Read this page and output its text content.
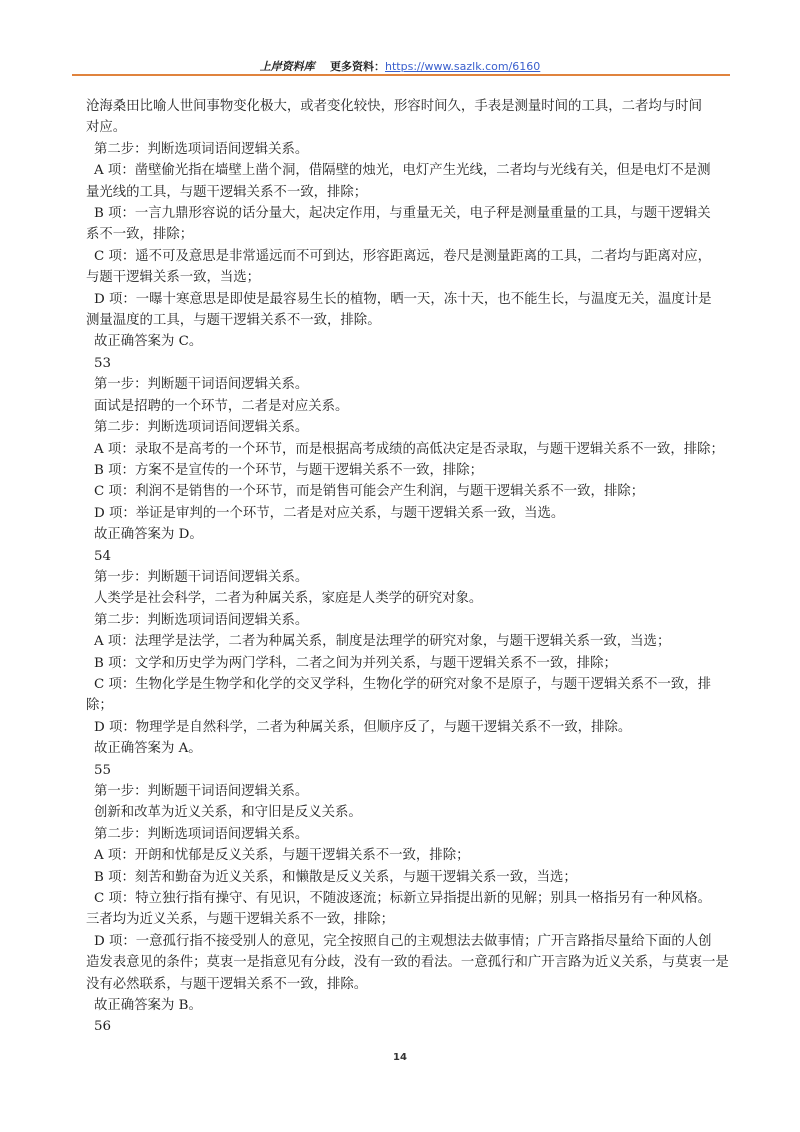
上岸资料库 更多资料：https://www.sazlk.com/6160

沧海桑田比喻人世间事物变化极大，或者变化较快，形容时间久，手表是测量时间的工具，二者均与时间

对应。

第二步：判断选项词语间逻辑关系。

A 项：凿壁偷光指在墙壁上凿个洞，借隔壁的烛光，电灯产生光线，二者均与光线有关，但是电灯不是测

量光线的工具，与题干逻辑关系不一致，排除；

B 项：一言九鼎形容说的话分量大，起决定作用，与重量无关，电子秤是测量重量的工具，与题干逻辑关

系不一致，排除；

C 项：遥不可及意思是非常遥远而不可到达，形容距离远，卷尺是测量距离的工具，二者均与距离对应，

与题干逻辑关系一致，当选；

D 项：一曝十寒意思是即使是最容易生长的植物，晒一天，冻十天，也不能生长，与温度无关，温度计是

测量温度的工具，与题干逻辑关系不一致，排除。

故正确答案为 C。

53

第一步：判断题干词语间逻辑关系。

面试是招聘的一个环节，二者是对应关系。

第二步：判断选项词语间逻辑关系。

A 项：录取不是高考的一个环节，而是根据高考成绩的高低决定是否录取，与题干逻辑关系不一致，排除；

B 项：方案不是宣传的一个环节，与题干逻辑关系不一致，排除；

C 项：利润不是销售的一个环节，而是销售可能会产生利润，与题干逻辑关系不一致，排除；

D 项：举证是审判的一个环节，二者是对应关系，与题干逻辑关系一致，当选。

故正确答案为 D。

54

第一步：判断题干词语间逻辑关系。

人类学是社会科学，二者为种属关系，家庭是人类学的研究对象。

第二步：判断选项词语间逻辑关系。

A 项：法理学是法学，二者为种属关系，制度是法理学的研究对象，与题干逻辑关系一致，当选；

B 项：文学和历史学为两门学科，二者之间为并列关系，与题干逻辑关系不一致，排除；

C 项：生物化学是生物学和化学的交叉学科，生物化学的研究对象不是原子，与题干逻辑关系不一致，排

除；

D 项：物理学是自然科学，二者为种属关系，但顺序反了，与题干逻辑关系不一致，排除。

故正确答案为 A。

55

第一步：判断题干词语间逻辑关系。

创新和改革为近义关系，和守旧是反义关系。

第二步：判断选项词语间逻辑关系。

A 项：开朗和忧郁是反义关系，与题干逻辑关系不一致，排除；

B 项：刻苦和勤奋为近义关系，和懒散是反义关系，与题干逻辑关系一致，当选；

C 项：特立独行指有操守、有见识，不随波逐流；标新立异指提出新的见解；别具一格指另有一种风格。

三者均为近义关系，与题干逻辑关系不一致，排除；

D 项：一意孤行指不接受别人的意见，完全按照自己的主观想法去做事情；广开言路指尽量给下面的人创

造发表意见的条件；莫衷一是指意见有分歧，没有一致的看法。一意孤行和广开言路为近义关系，与莫衷一是

没有必然联系，与题干逻辑关系不一致，排除。

故正确答案为 B。

56

14
